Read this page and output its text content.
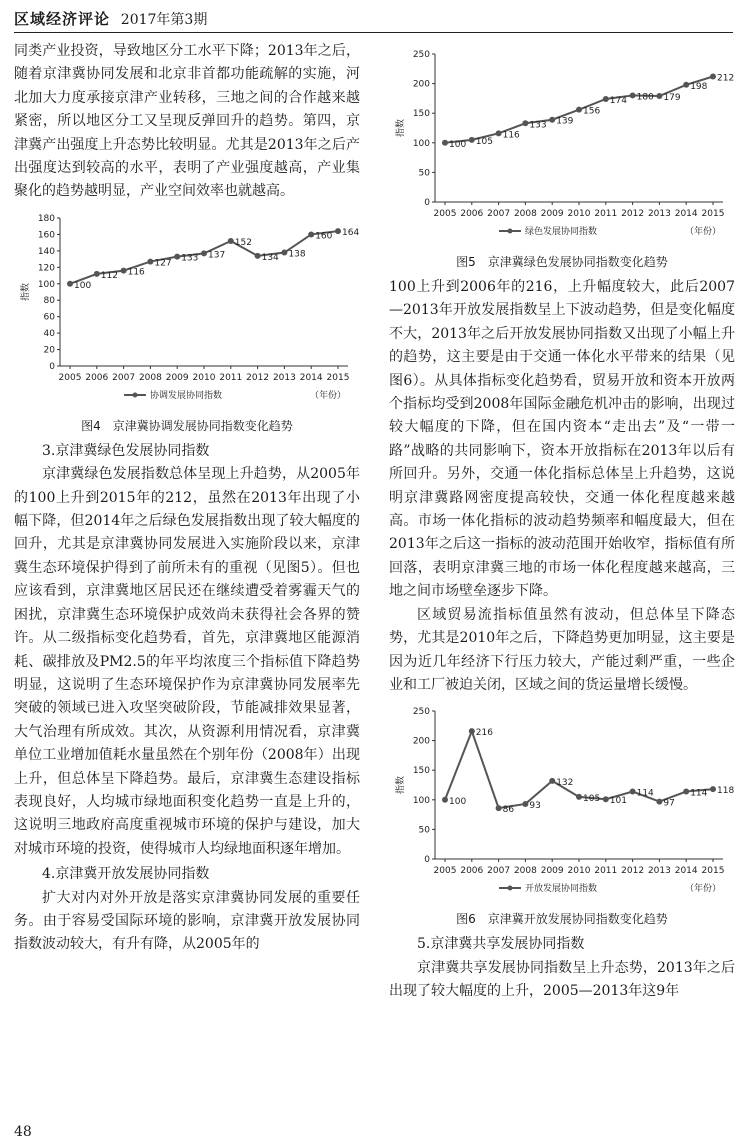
区域经济评论 2017年第3期

同类产业投资，导致地区分工水平下降；2013年之后，随着京津冀协同发展和北京非首都功能疏解的实施，河北加大力度承接京津产业转移，三地之间的合作越来越紧密，所以地区分工又呈现反弹回升的趋势。第四，京津冀产出强度上升态势比较明显。尤其是2013年之后产出强度达到较高的水平，表明了产业强度越高，产业集聚化的趋势越明显，产业空间效率也就越高。

0
20
40
60
80
100
120
140
160
180
指数
2005 2006 2007 2008 2009 2010 2011 2012 2013 2014 2015
100
112 116
127 133 137
152
134 138
160 164
协调发展协同指数	（年份）
图4　京津冀协调发展协同指数变化趋势

3.京津冀绿色发展协同指数

京津冀绿色发展指数总体呈现上升趋势，从2005年的100上升到2015年的212，虽然在2013年出现了小幅下降，但2014年之后绿色发展指数出现了较大幅度的回升，尤其是京津冀协同发展进入实施阶段以来，京津冀生态环境保护得到了前所未有的重视（见图5）。但也应该看到，京津冀地区居民还在继续遭受着雾霾天气的困扰，京津冀生态环境保护成效尚未获得社会各界的赞许。从二级指标变化趋势看，首先，京津冀地区能源消耗、碳排放及PM2.5的年平均浓度三个指标值下降趋势明显，这说明了生态环境保护作为京津冀协同发展率先突破的领域已进入攻坚突破阶段，节能减排效果显著，大气治理有所成效。其次，从资源利用情况看，京津冀单位工业增加值耗水量虽然在个别年份（2008年）出现上升，但总体呈下降趋势。最后，京津冀生态建设指标表现良好，人均城市绿地面积变化趋势一直是上升的，这说明三地政府高度重视城市环境的保护与建设，加大对城市环境的投资，使得城市人均绿地面积逐年增加。

4.京津冀开放发展协同指数

扩大对内对外开放是落实京津冀协同发展的重要任务。由于容易受国际环境的影响，京津冀开放发展协同指数波动较大，有升有降，从2005年的

0
50
100
150
200
250
指数
2005 2006 2007 2008 2009 2010 2011 2012 2013 2014 2015
100 105
116
133 139
156
174 180 179
198
212
绿色发展协同指数	（年份）
图5　京津冀绿色发展协同指数变化趋势

100上升到2006年的216，上升幅度较大，此后2007—2013年开放发展指数呈上下波动趋势，但是变化幅度不大，2013年之后开放发展协同指数又出现了小幅上升的趋势，这主要是由于交通一体化水平带来的结果（见图6）。从具体指标变化趋势看，贸易开放和资本开放两个指标均受到2008年国际金融危机冲击的影响，出现过较大幅度的下降，但在国内资本“走出去”及“一带一路”战略的共同影响下，资本开放指标在2013年以后有所回升。另外，交通一体化指标总体呈上升趋势，这说明京津冀路网密度提高较快，交通一体化程度越来越高。市场一体化指标的波动趋势频率和幅度最大，但在2013年之后这一指标的波动范围开始收窄，指标值有所回落，表明京津冀三地的市场一体化程度越来越高，三地之间市场壁垒逐步下降。

区域贸易流指标值虽然有波动，但总体呈下降态势，尤其是2010年之后，下降趋势更加明显，这主要是因为近几年经济下行压力较大，产能过剩严重，一些企业和工厂被迫关闭，区域之间的货运量增长缓慢。

0
50
100
150
200
250
指数
2005 2006 2007 2008 2009 2010 2011 2012 2013 2014 2015
100
216
86 93
132
105 101
114
97
114 118
开放发展协同指数	（年份）
图6　京津冀开放发展协同指数变化趋势

5.京津冀共享发展协同指数

京津冀共享发展协同指数呈上升态势，2013年之后出现了较大幅度的上升，2005—2013年这9年

48
